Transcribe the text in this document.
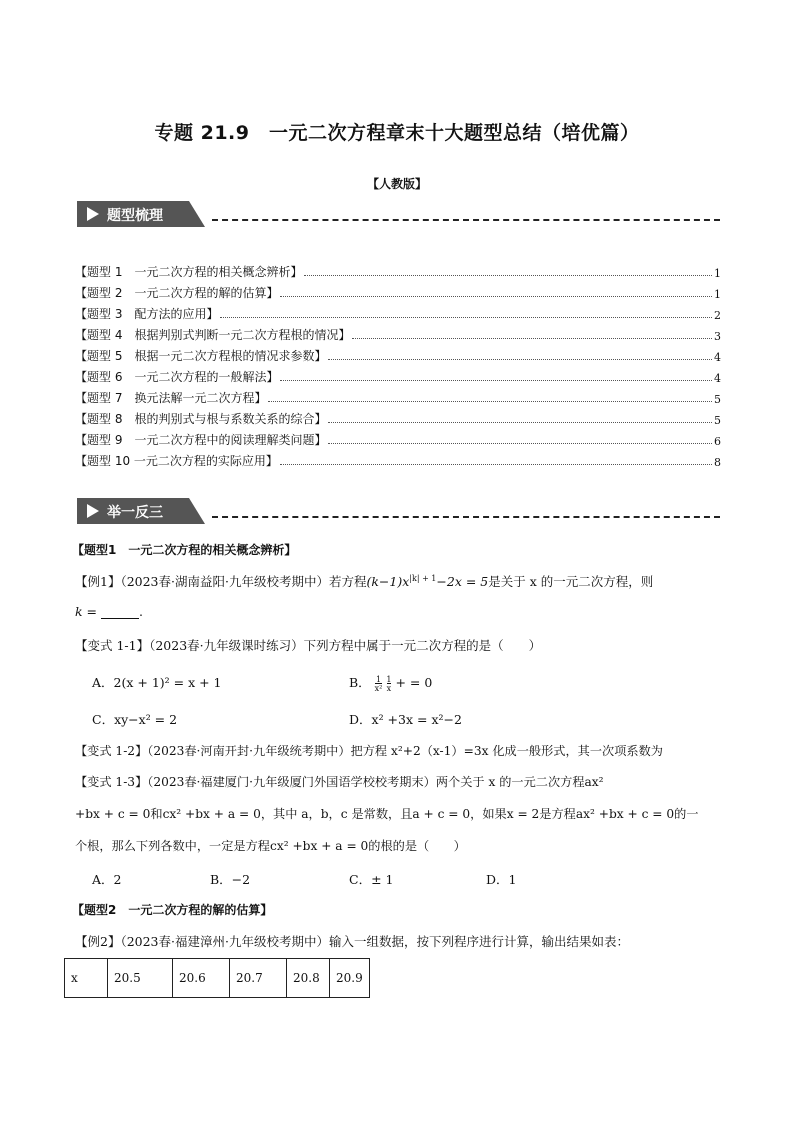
专题 21.9　一元二次方程章末十大题型总结（培优篇）
【人教版】
题型梳理
【题型 1　一元二次方程的相关概念辨析】	1
【题型 2　一元二次方程的解的估算】	1
【题型 3　配方法的应用】	2
【题型 4　根据判别式判断一元二次方程根的情况】	3
【题型 5　根据一元二次方程根的情况求参数】	4
【题型 6　一元二次方程的一般解法】	4
【题型 7　换元法解一元二次方程】	5
【题型 8　根的判别式与根与系数关系的综合】	5
【题型 9　一元二次方程中的阅读理解类问题】	6
【题型 10 一元二次方程的实际应用】	8
举一反三
【题型1　一元二次方程的相关概念辨析】
【例1】（2023春·湖南益阳·九年级校考期中）若方程$(k-1)x^{|k| + 1}-2x = 5$是关于 x 的一元二次方程，则
k =	.
【变式 1-1】（2023春·九年级课时练习）下列方程中属于一元二次方程的是（　　）
A．2(x + 1)² = x + 1	B． $\frac{1}{\text{x²}} \frac{1}{x}$ + = 0
C．xy−x² = 2	D．x² +3x = x²−2
【变式 1-2】（2023春·河南开封·九年级统考期中）把方程 x²+2（x-1）=3x 化成一般形式，其一次项系数为
【变式 1-3】（2023春·福建厦门·九年级厦门外国语学校校考期末）两个关于 x 的一元二次方程ax²
+bx + c = 0和cx² +bx + a = 0，其中 a，b，c 是常数，且a + c = 0，如果x = 2是方程ax² +bx + c = 0的一
个根，那么下列各数中，一定是方程cx² +bx + a = 0的根的是（　　）
A．2	B．−2	C．± 1	D．1
【题型2　一元二次方程的解的估算】
【例2】（2023春·福建漳州·九年级校考期中）输入一组数据，按下列程序进行计算，输出结果如表：
x	20.5	20.6	20.7	20.8	20.9
